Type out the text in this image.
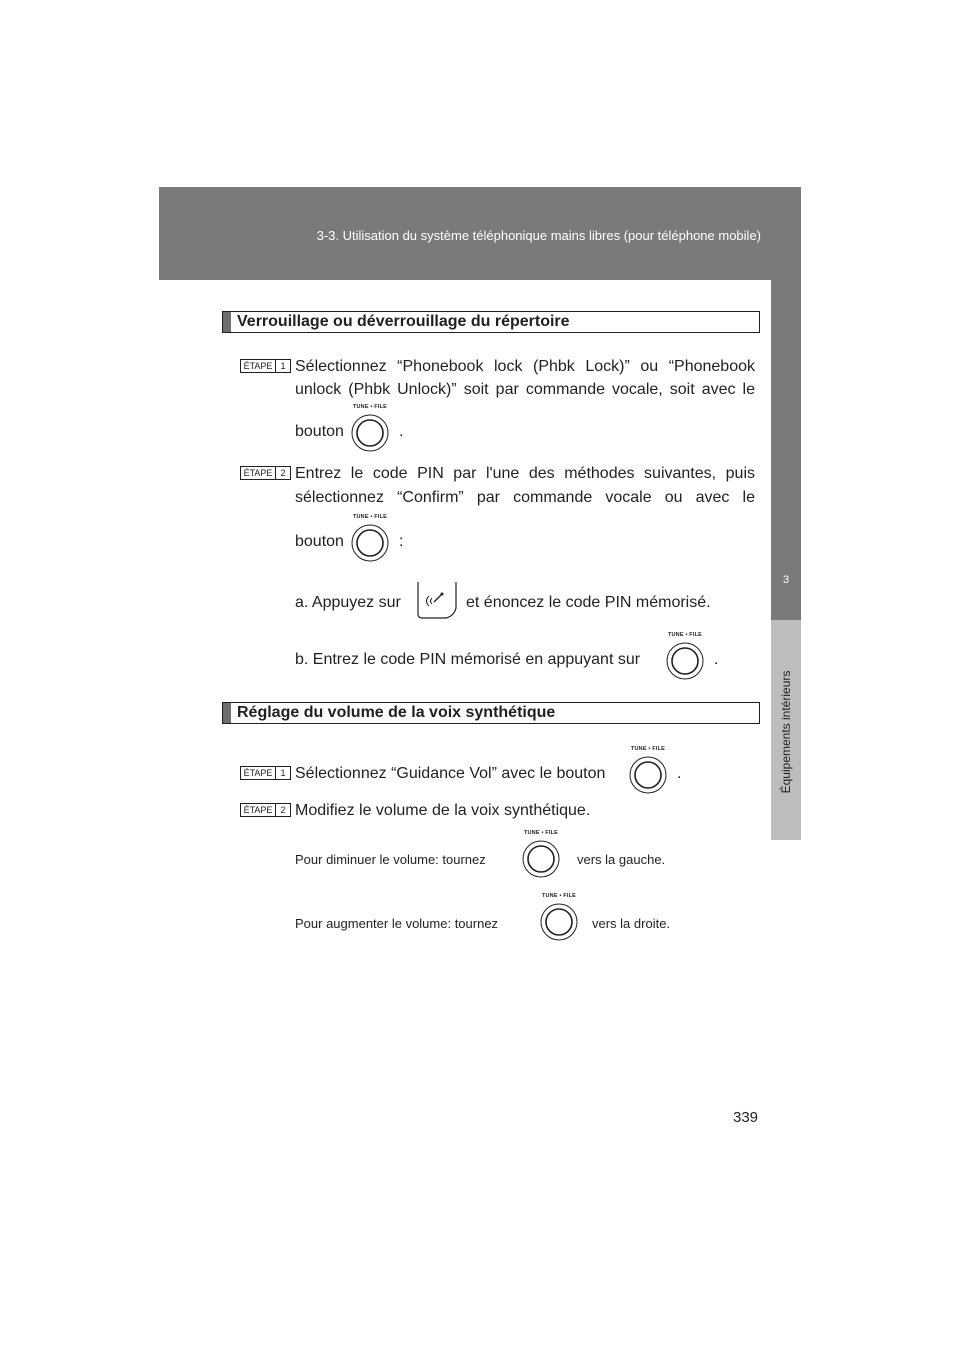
3-3. Utilisation du système téléphonique mains libres (pour téléphone mobile)
3
Équipements intérieurs
Verrouillage ou déverrouillage du répertoire
ÉTAPE 1 Sélectionnez “Phonebook lock (Phbk Lock)” ou “Phonebook
unlock (Phbk Unlock)” soit par commande vocale, soit avec le
bouton
TUNE • FILE
.
ÉTAPE 2 Entrez le code PIN par l'une des méthodes suivantes, puis
sélectionnez “Confirm” par commande vocale ou avec le
bouton
TUNE • FILE
:
a. Appuyez sur	et énoncez le code PIN mémorisé.
b. Entrez le code PIN mémorisé en appuyant sur
TUNE • FILE
.
Réglage du volume de la voix synthétique
ÉTAPE 1 Sélectionnez “Guidance Vol” avec le bouton
TUNE • FILE
.
ÉTAPE 2 Modifiez le volume de la voix synthétique.
Pour diminuer le volume: tournez
TUNE • FILE
vers la gauche.
Pour augmenter le volume: tournez
TUNE • FILE
vers la droite.
339
